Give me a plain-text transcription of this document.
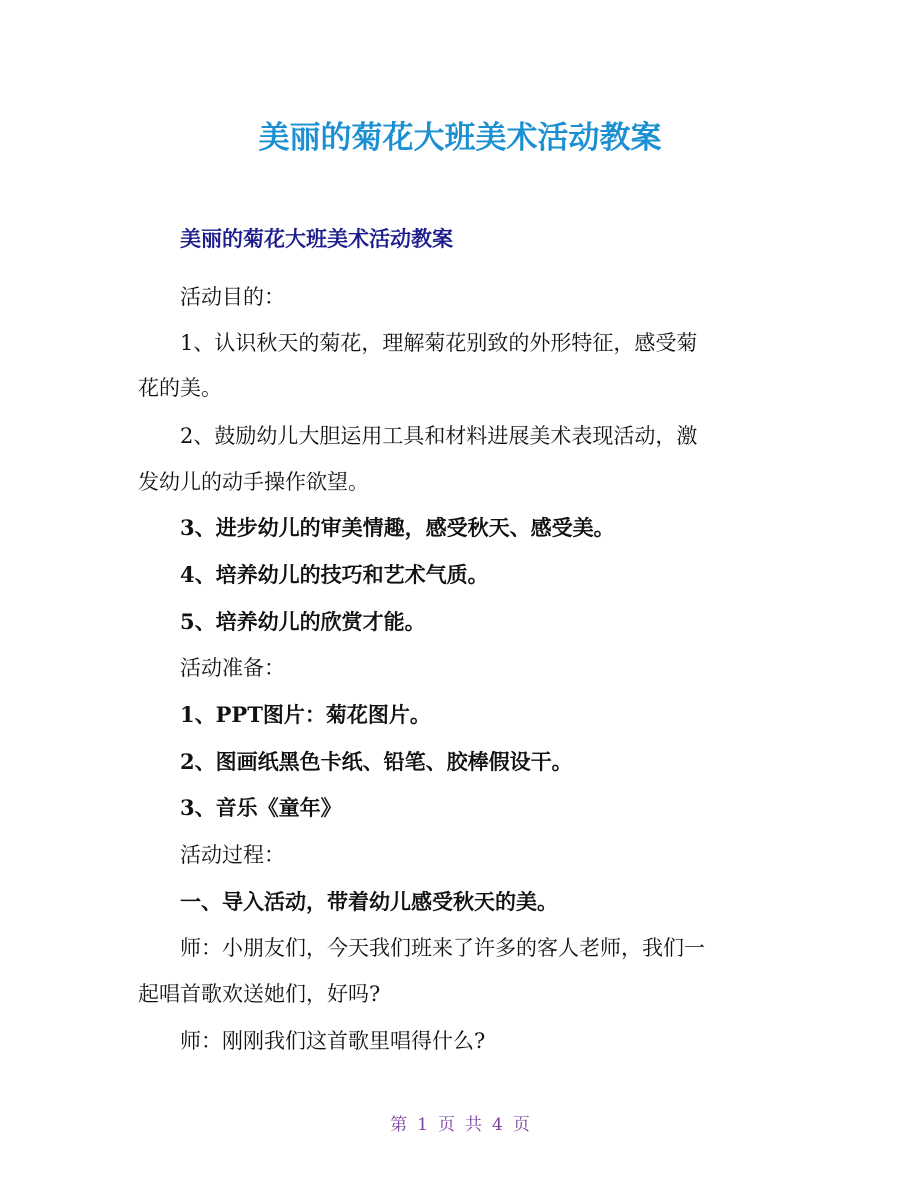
美丽的菊花大班美术活动教案
美丽的菊花大班美术活动教案
活动目的：
1、认识秋天的菊花，理解菊花别致的外形特征，感受菊
花的美。
2、鼓励幼儿大胆运用工具和材料进展美术表现活动，激
发幼儿的动手操作欲望。
3、进步幼儿的审美情趣，感受秋天、感受美。
4、培养幼儿的技巧和艺术气质。
5、培养幼儿的欣赏才能。
活动准备：
1、PPT图片：菊花图片。
2、图画纸黑色卡纸、铅笔、胶棒假设干。
3、音乐《童年》
活动过程：
一、导入活动，带着幼儿感受秋天的美。
师：小朋友们，今天我们班来了许多的客人老师，我们一
起唱首歌欢送她们，好吗?
师：刚刚我们这首歌里唱得什么?
第 1 页 共 4 页
